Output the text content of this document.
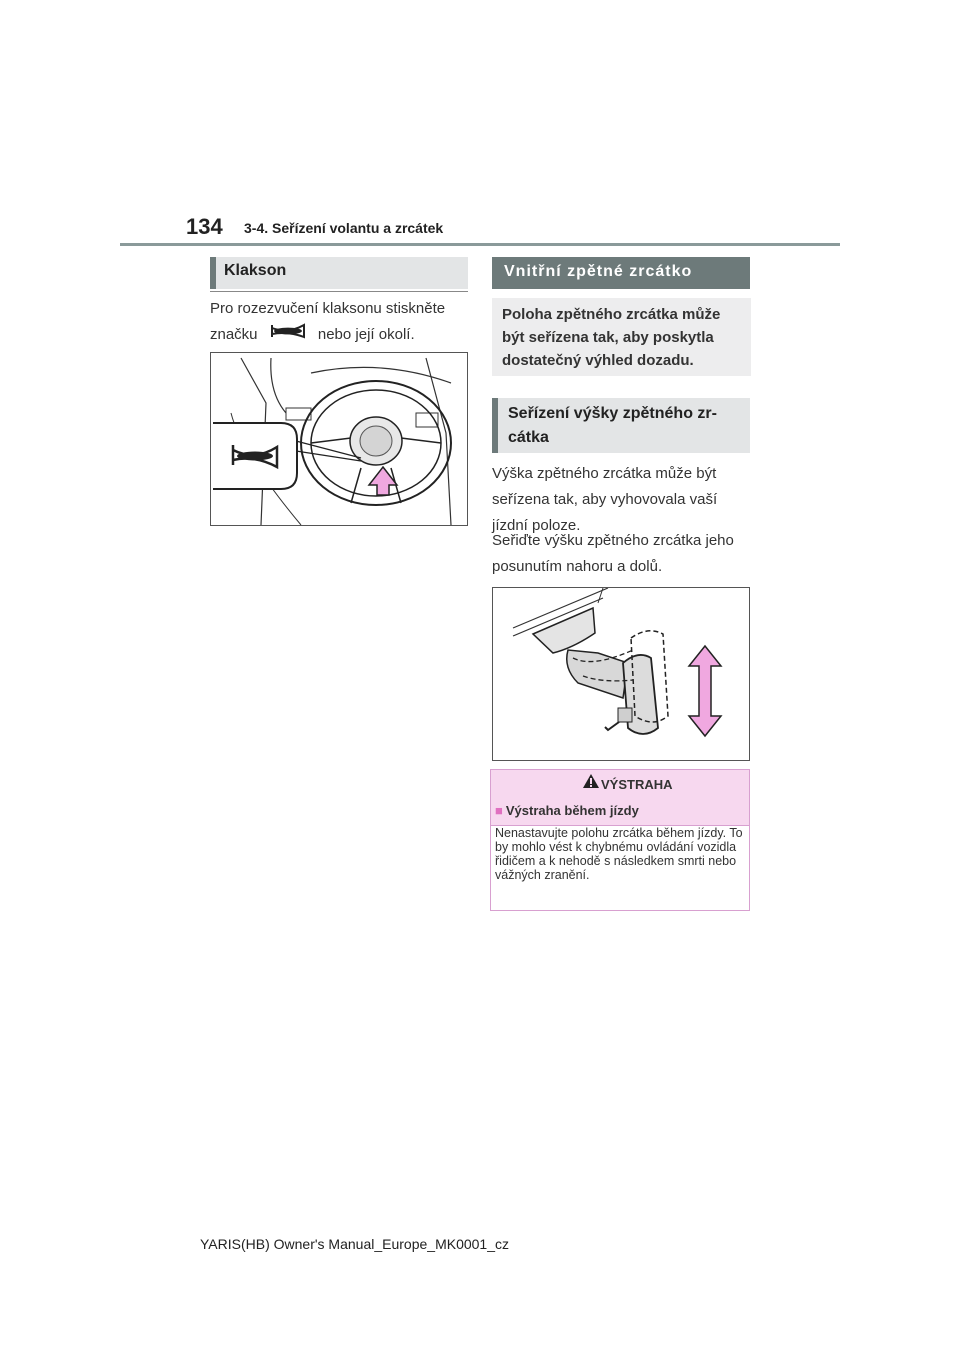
134 3-4. Seřízení volantu a zrcátek
Klakson
Pro rozezvučení klaksonu stiskněte značku	nebo její okolí.
Vnitřní zpětné zrcátko
Poloha zpětného zrcátka může být seřízena tak, aby poskytla dostatečný výhled dozadu.
Seřízení výšky zpětného zr-cátka
Výška zpětného zrcátka může být seřízena tak, aby vyhovovala vaší jízdní poloze.
Seřiďte výšku zpětného zrcátka jeho posunutím nahoru a dolů.
VÝSTRAHA
■ Výstraha během jízdy
Nenastavujte polohu zrcátka během jízdy. To by mohlo vést k chybnému ovládání vozidla řidičem a k nehodě s následkem smrti nebo vážných zranění.
YARIS(HB) Owner's Manual_Europe_MK0001_cz
